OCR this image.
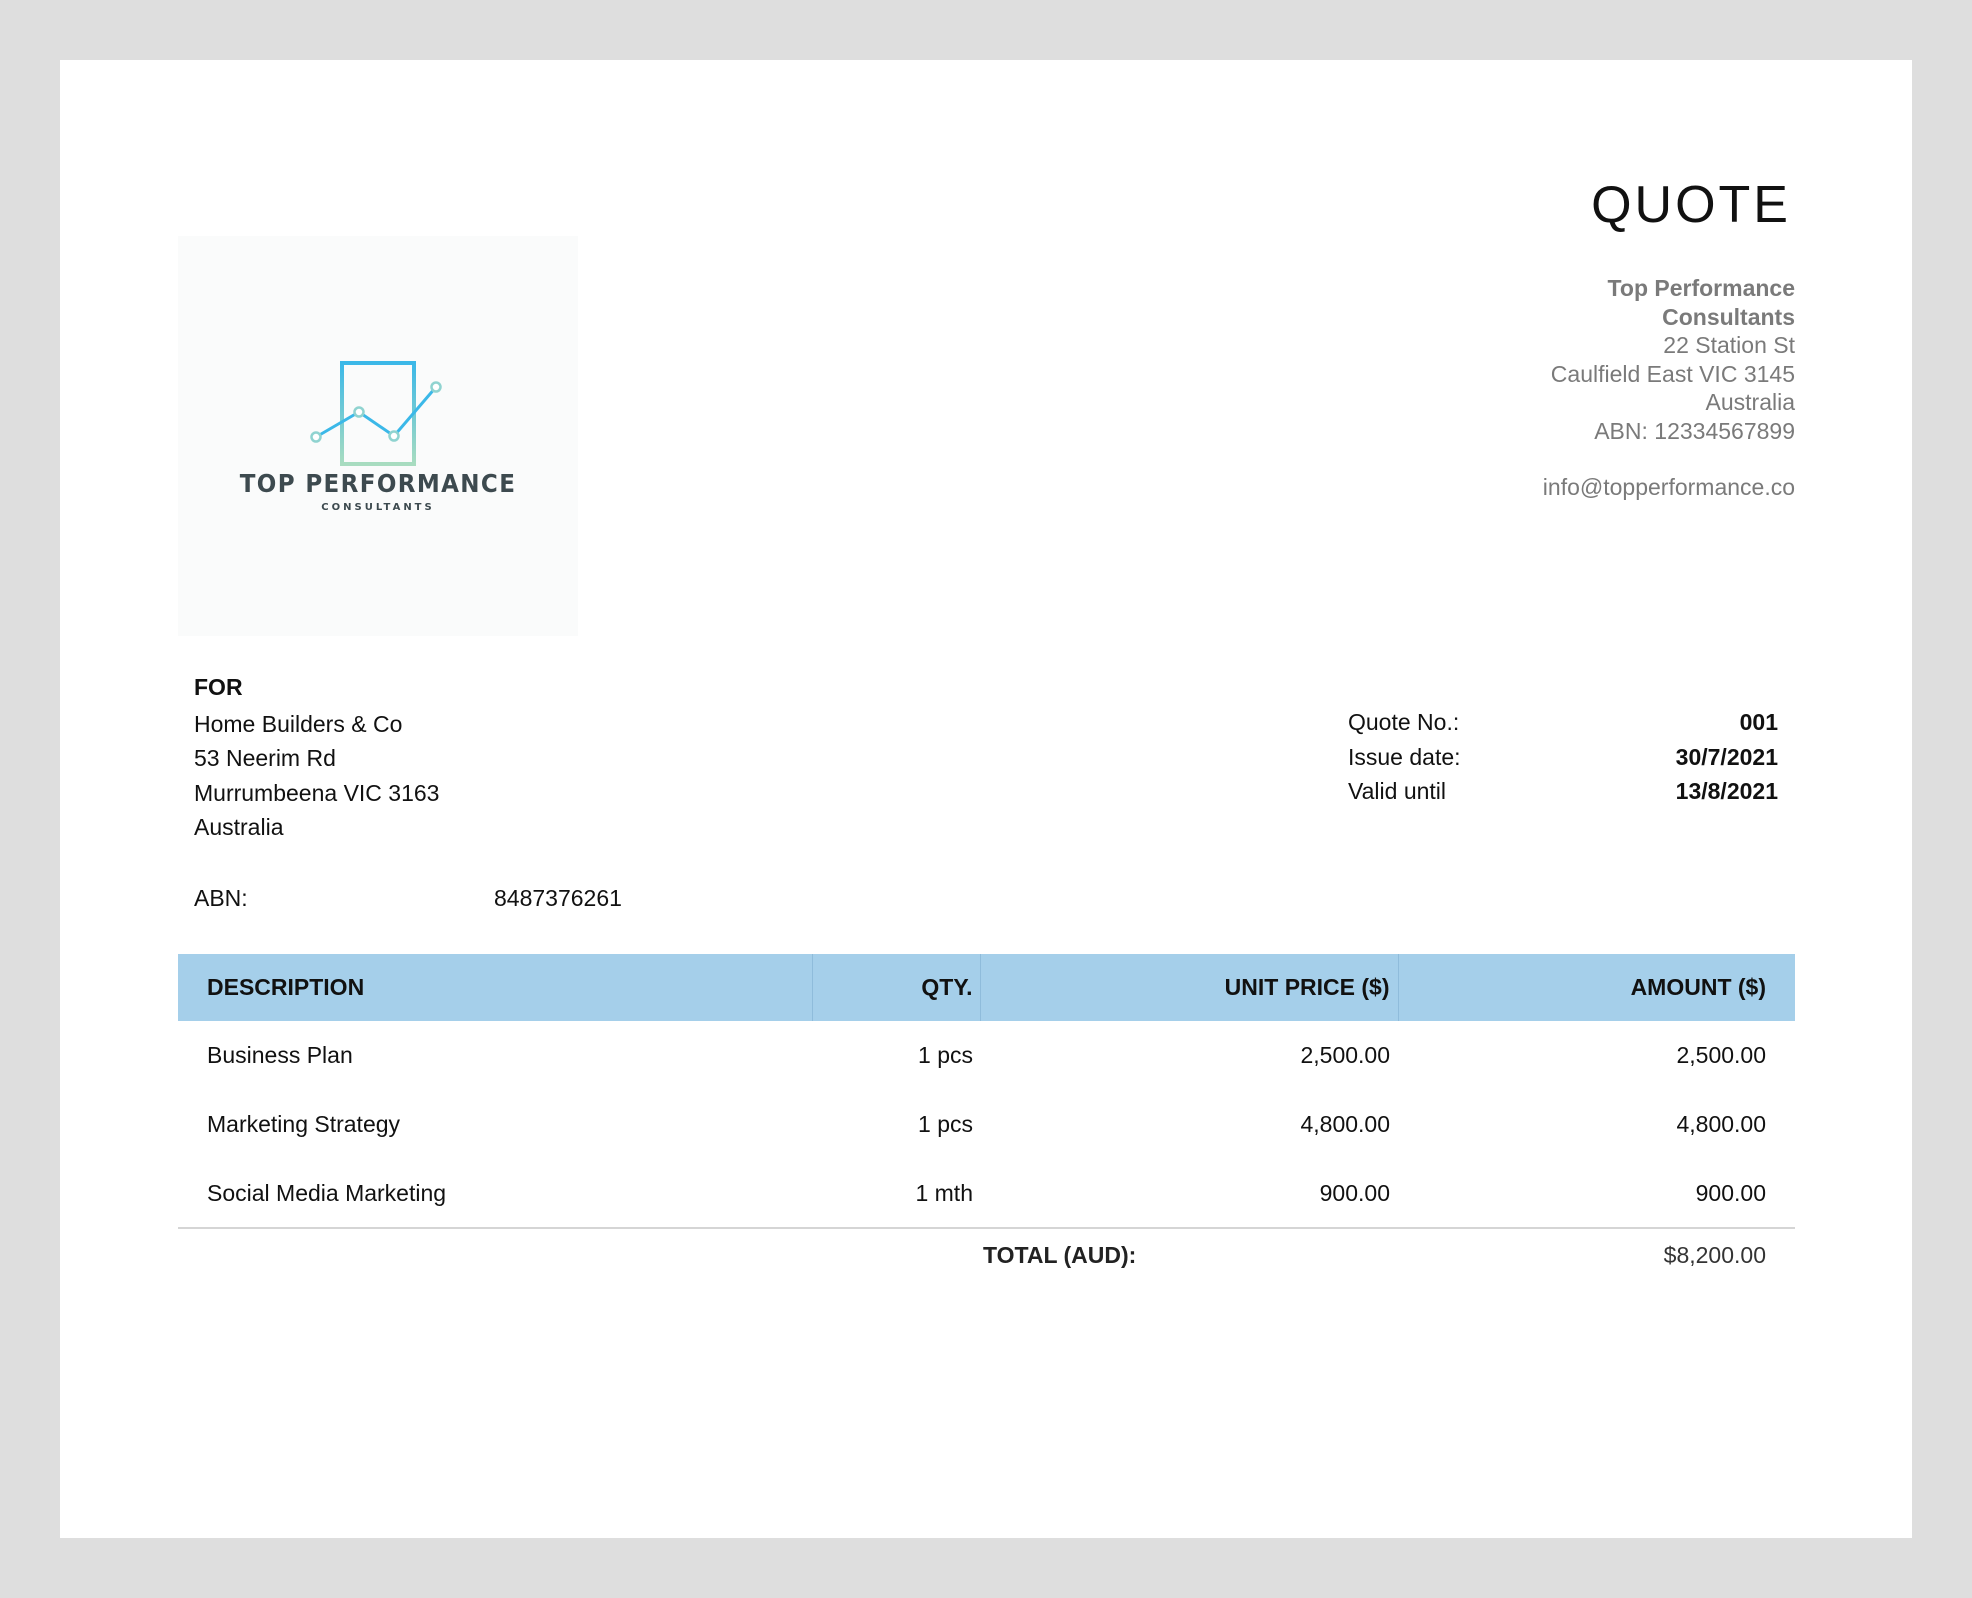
QUOTE
TOP PERFORMANCE
CONSULTANTS
Top Performance
Consultants
22 Station St
Caulfield East VIC 3145
Australia
ABN: 12334567899
info@topperformance.co
FOR
Home Builders & Co
53 Neerim Rd
Murrumbeena VIC 3163
Australia
ABN:	8487376261
Quote No.:	001
Issue date:	30/7/2021
Valid until	13/8/2021
DESCRIPTION	QTY.	UNIT PRICE ($)	AMOUNT ($)
Business Plan	1 pcs	2,500.00	2,500.00
Marketing Strategy	1 pcs	4,800.00	4,800.00
Social Media Marketing	1 mth	900.00	900.00
TOTAL (AUD):	$8,200.00
